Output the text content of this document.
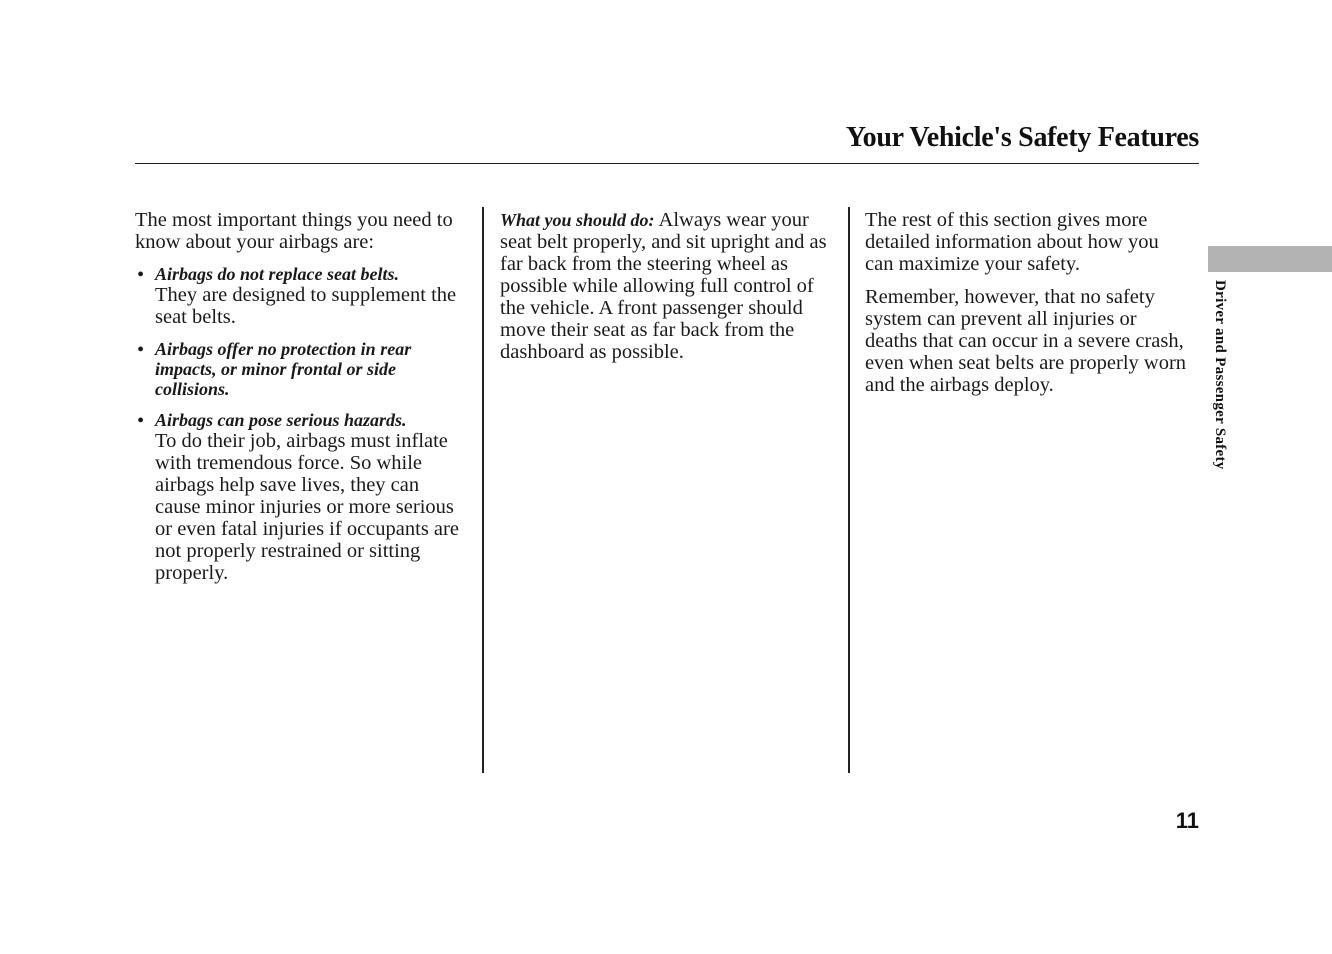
Your Vehicle's Safety Features

The most important things you need to know about your airbags are:

• Airbags do not replace seat belts.
They are designed to supplement the seat belts.
• Airbags offer no protection in rear impacts, or minor frontal or side collisions.
• Airbags can pose serious hazards.
To do their job, airbags must inflate with tremendous force. So while airbags help save lives, they can cause minor injuries or more serious or even fatal injuries if occupants are not properly restrained or sitting properly.

What you should do: Always wear your seat belt properly, and sit upright and as far back from the steering wheel as possible while allowing full control of the vehicle. A front passenger should move their seat as far back from the dashboard as possible.

The rest of this section gives more detailed information about how you can maximize your safety.

Remember, however, that no safety system can prevent all injuries or deaths that can occur in a severe crash, even when seat belts are properly worn and the airbags deploy.	Driver and Passenger Safety
11
